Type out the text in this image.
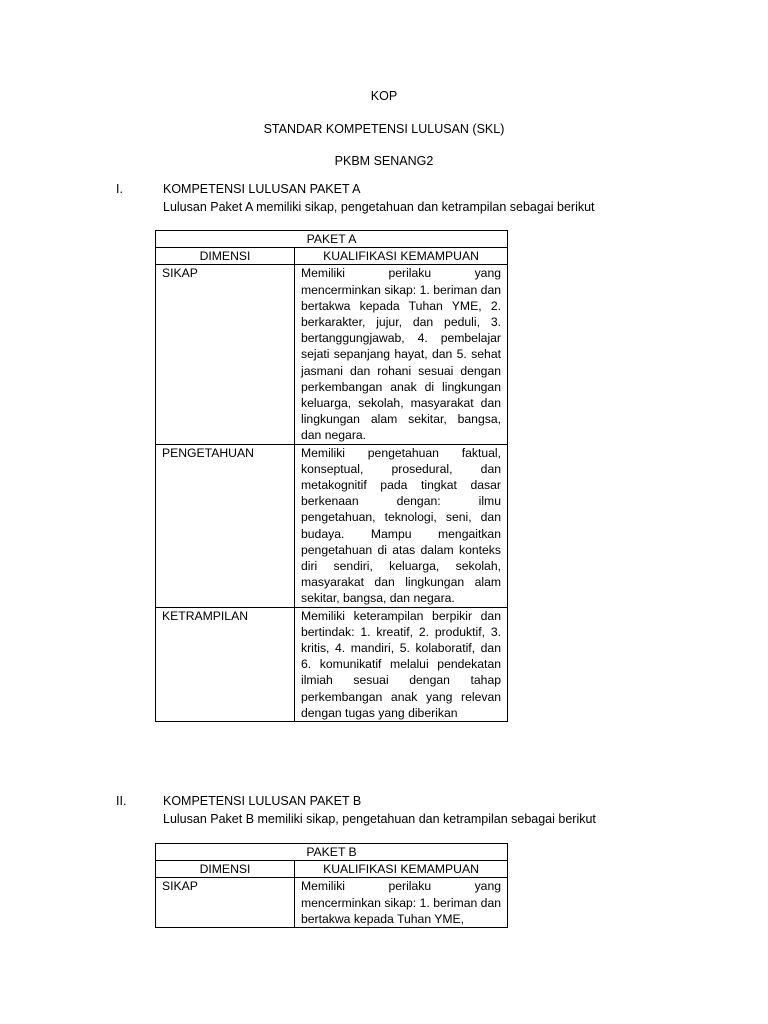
KOP
STANDAR KOMPETENSI LULUSAN (SKL)
PKBM SENANG2
I.	KOMPETENSI LULUSAN PAKET A
Lulusan Paket A memiliki sikap, pengetahuan dan ketrampilan sebagai berikut
PAKET A	
DIMENSI	KUALIFIKASI KEMAMPUAN
SIKAP	Memiliki perilaku yang mencerminkan sikap: 1. beriman dan bertakwa kepada Tuhan YME, 2. berkarakter, jujur, dan peduli, 3. bertanggungjawab, 4. pembelajar sejati sepanjang hayat, dan 5. sehat jasmani dan rohani sesuai dengan perkembangan anak di lingkungan keluarga, sekolah, masyarakat dan lingkungan alam sekitar, bangsa, dan negara.
PENGETAHUAN	Memiliki pengetahuan faktual, konseptual, prosedural, dan metakognitif pada tingkat dasar berkenaan dengan: ilmu pengetahuan, teknologi, seni, dan budaya. Mampu mengaitkan pengetahuan di atas dalam konteks diri sendiri, keluarga, sekolah, masyarakat dan lingkungan alam sekitar, bangsa, dan negara.
KETRAMPILAN	Memiliki keterampilan berpikir dan bertindak: 1. kreatif, 2. produktif, 3. kritis, 4. mandiri, 5. kolaboratif, dan 6. komunikatif melalui pendekatan ilmiah sesuai dengan tahap perkembangan anak yang relevan dengan tugas yang diberikan
II.	KOMPETENSI LULUSAN PAKET B
Lulusan Paket B memiliki sikap, pengetahuan dan ketrampilan sebagai berikut
PAKET B	
DIMENSI	KUALIFIKASI KEMAMPUAN
SIKAP	Memiliki perilaku yang mencerminkan sikap: 1. beriman dan bertakwa kepada Tuhan YME,
